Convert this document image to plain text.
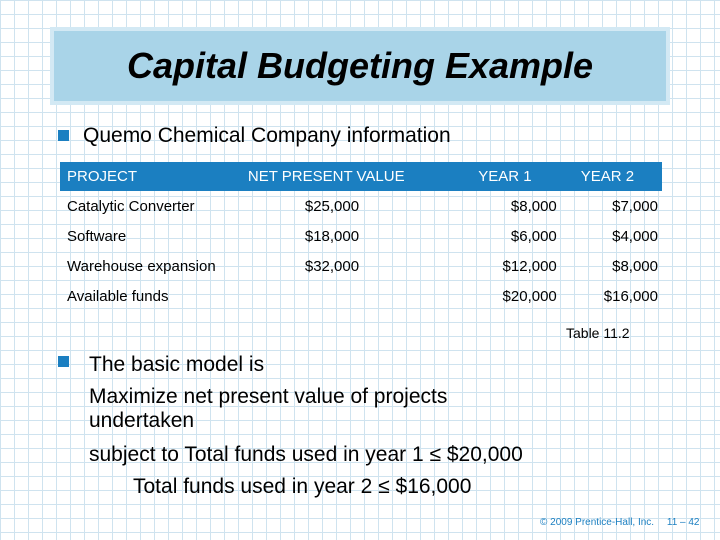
Capital Budgeting Example
Quemo Chemical Company information
PROJECT	NET PRESENT VALUE	YEAR 1	YEAR 2
Catalytic Converter	$25,000	$8,000	$7,000
Software	$18,000	$6,000	$4,000
Warehouse expansion	$32,000	$12,000	$8,000
Available funds		$20,000	$16,000
Table 11.2
The basic model is
Maximize net present value of projects
undertaken
subject to Total funds used in year 1 ≤ $20,000
Total funds used in year 2 ≤ $16,000
© 2009 Prentice-Hall, Inc. 11 – 42
